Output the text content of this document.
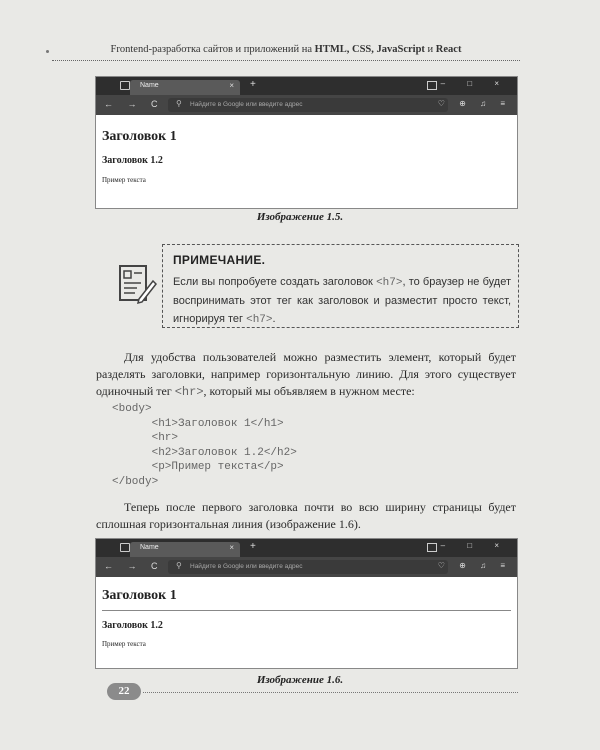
Frontend-разработка сайтов и приложений на HTML, CSS, JavaScript и React
Name	× +	– □ ×
← → C ⚲ Найдите в Google или введите адрес	♡ ⊕ ♫ ≡
Заголовок 1
Заголовок 1.2
Пример текста
Изображение 1.5.
ПРИМЕЧАНИЕ.
Если вы попробуете создать заголовок <h7>, то браузер не будет воспринимать этот тег как заголовок и разместит просто текст, игнорируя тег <h7>.
Для удобства пользователей можно разместить элемент, который будет разделять заголовки, например горизонтальную линию. Для этого существует одиночный тег <hr>, который мы объявляем в нужном месте:
<body>
<h1>Заголовок 1</h1>
<hr>
<h2>Заголовок 1.2</h2>
<p>Пример текста</p>
</body>
Теперь после первого заголовка почти во всю ширину страницы будет сплошная горизонтальная линия (изображение 1.6).
Name	× +	– □ ×
← → C ⚲ Найдите в Google или введите адрес	♡ ⊕ ♫ ≡
Заголовок 1
Заголовок 1.2
Пример текста
Изображение 1.6.
22
